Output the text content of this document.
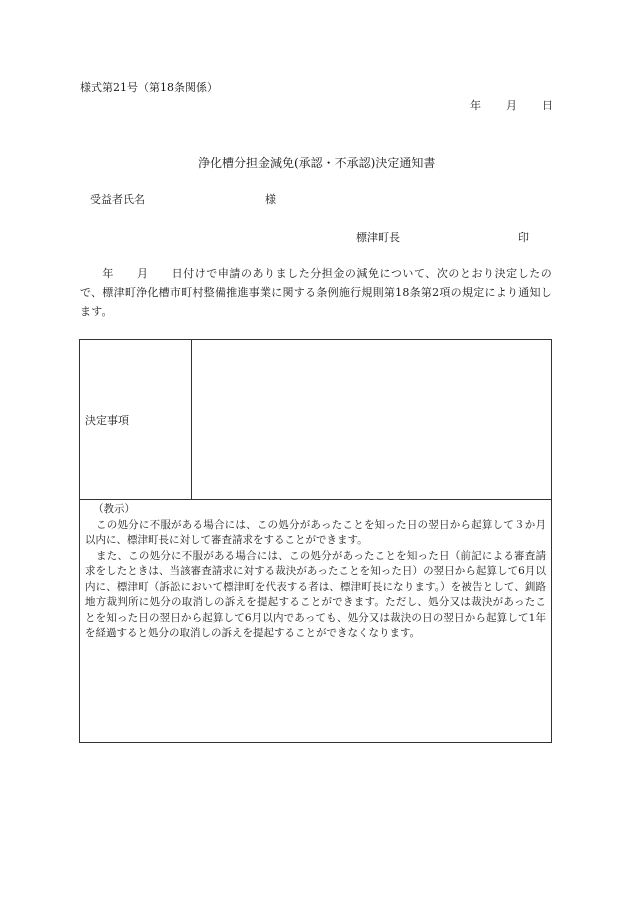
様式第21号（第18条関係）
年 月 日
浄化槽分担金減免(承認・不承認)決定通知書
受益者氏名	様
標津町長	印
年　　月　　日付けで申請のありました分担金の減免について、次のとおり決定したので、標津町浄化槽市町村整備推進事業に関する条例施行規則第18条第2項の規定により通知します。
決定事項

（教示）

この処分に不服がある場合には、この処分があったことを知った日の翌日から起算して３か月以内に、標津町長に対して審査請求をすることができます。

また、この処分に不服がある場合には、この処分があったことを知った日（前記による審査請求をしたときは、当該審査請求に対する裁決があったことを知った日）の翌日から起算して6月以内に、標津町（訴訟において標津町を代表する者は、標津町長になります。）を被告として、釧路地方裁判所に処分の取消しの訴えを提起することができます。ただし、処分又は裁決があったことを知った日の翌日から起算して6月以内であっても、処分又は裁決の日の翌日から起算して1年を経過すると処分の取消しの訴えを提起することができなくなります。
